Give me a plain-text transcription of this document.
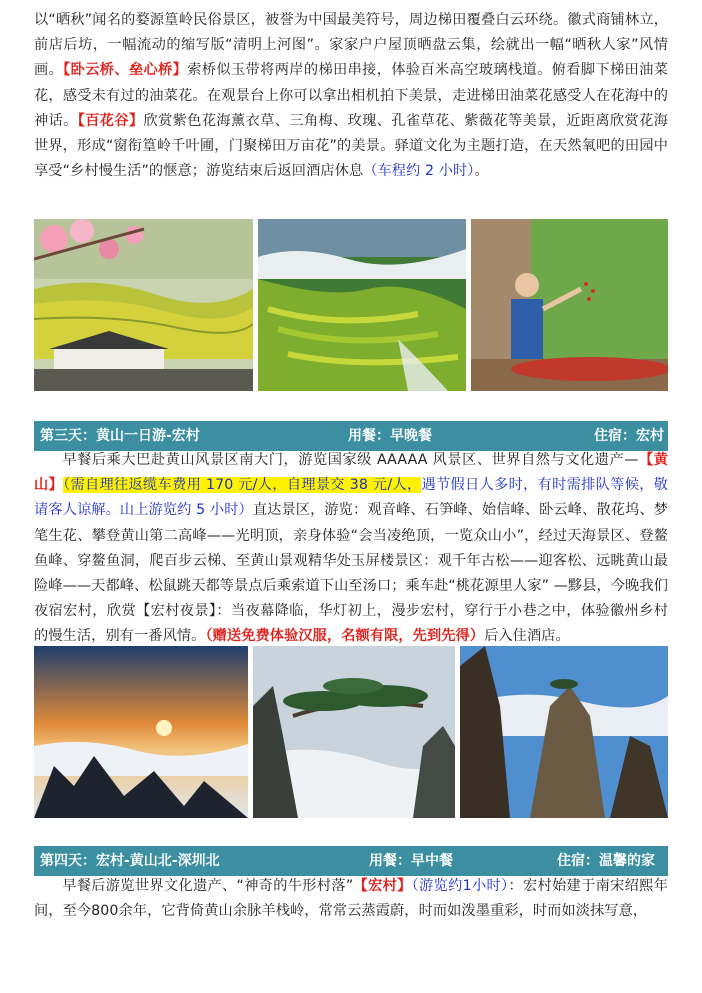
以“晒秋”闻名的婺源篁岭民俗景区，被誉为中国最美符号，周边梯田覆叠白云环绕。徽式商铺林立，前店后坊，一幅流动的缩写版“清明上河图”。家家户户屋顶晒盘云集，绘就出一幅“晒秋人家”风情画。【卧云桥、垒心桥】索桥似玉带将两岸的梯田串接，体验百米高空玻璃栈道。俯看脚下梯田油菜花，感受未有过的油菜花。在观景台上你可以拿出相机拍下美景，走进梯田油菜花感受人在花海中的神话。【百花谷】欣赏紫色花海薰衣草、三角梅、玫瑰、孔雀草花、紫薇花等美景，近距离欣赏花海世界，形成“窗衔篁岭千叶圃，门聚梯田万亩花”的美景。驿道文化为主题打造，在天然氧吧的田园中享受“乡村慢生活”的惬意；游览结束后返回酒店休息（车程约 2 小时）。
第三天：黄山一日游-宏村	用餐：早晚餐	住宿：宏村
早餐后乘大巴赴黄山风景区南大门，游览国家级 AAAAA 风景区、世界自然与文化遗产—【黄山】（需自理往返缆车费用 170 元/人，自理景交 38 元/人，遇节假日人多时，有时需排队等候，敬请客人谅解。山上游览约 5 小时）直达景区，游览：观音峰、石笋峰、始信峰、卧云峰、散花坞、梦笔生花、攀登黄山第二高峰——光明顶，亲身体验“会当凌绝顶，一览众山小”，经过天海景区、登鳌鱼峰、穿鳌鱼洞，爬百步云梯、至黄山景观精华处玉屏楼景区：观千年古松——迎客松、远眺黄山最险峰——天都峰、松鼠跳天都等景点后乘索道下山至汤口；乘车赴“桃花源里人家” —黟县，今晚我们夜宿宏村，欣赏【宏村夜景】：当夜幕降临，华灯初上，漫步宏村，穿行于小巷之中，体验徽州乡村的慢生活，别有一番风情。（赠送免费体验汉服，名额有限，先到先得）后入住酒店。
第四天：宏村-黄山北-深圳北	用餐：早中餐	住宿：温馨的家
早餐后游览世界文化遗产、“神奇的牛形村落”【宏村】（游览约1小时）：宏村始建于南宋绍熙年间，至今800余年，它背倚黄山余脉羊栈岭，常常云蒸霞蔚，时而如泼墨重彩，时而如淡抹写意，
